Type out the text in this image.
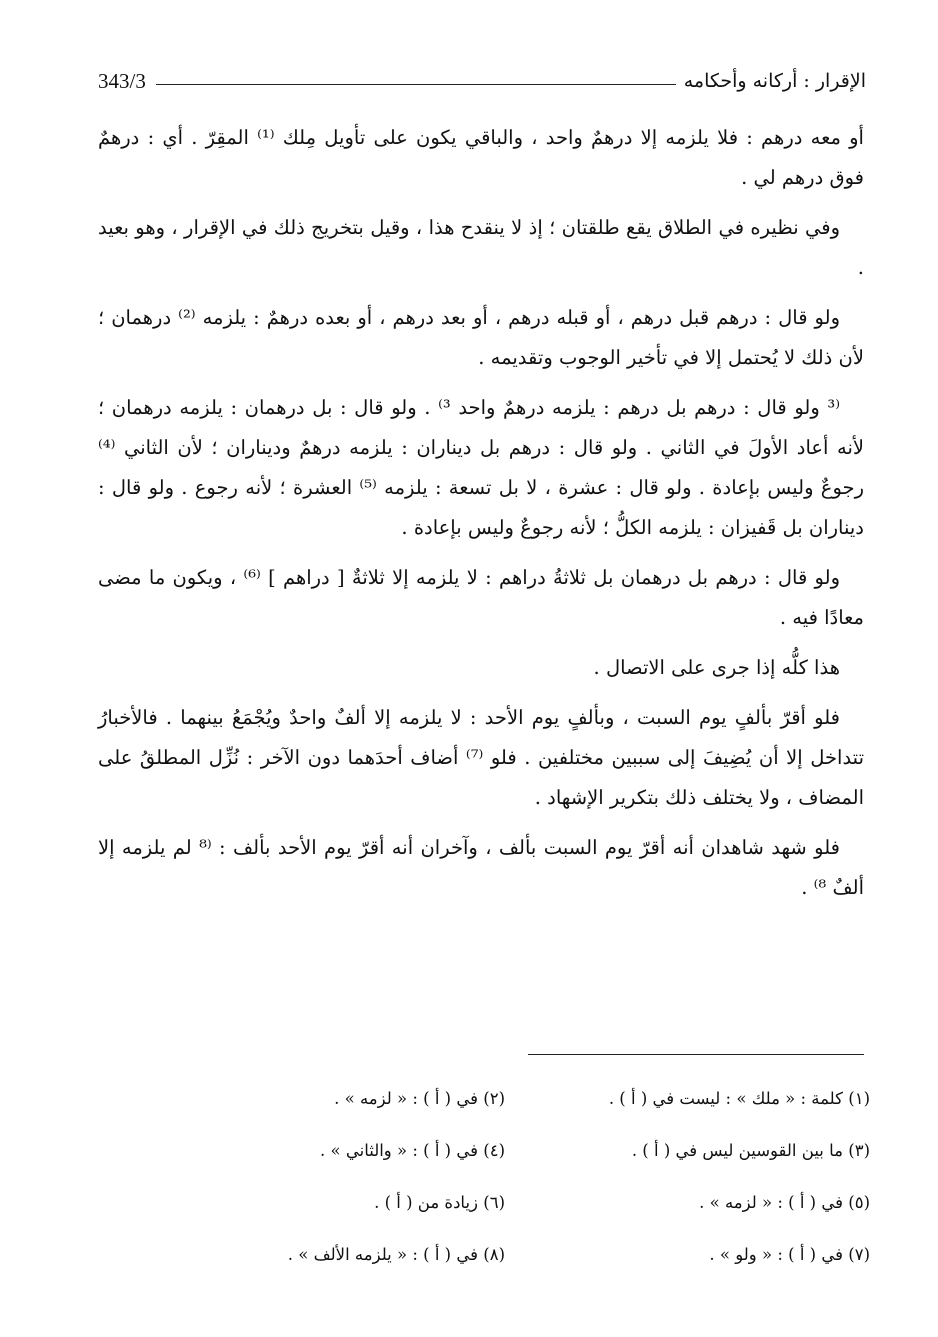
343/3	الإقرار : أركانه وأحكامه

أو معه درهم : فلا يلزمه إلا درهمٌ واحد ، والباقي يكون على تأويل مِلك ⁽¹⁾ المقِرّ . أي : درهمٌ فوق درهم لي .

وفي نظيره في الطلاق يقع طلقتان ؛ إذ لا ينقدح هذا ، وقيل بتخريج ذلك في الإقرار ، وهو بعيد .

ولو قال : درهم قبل درهم ، أو قبله درهم ، أو بعد درهم ، أو بعده درهمٌ : يلزمه ⁽²⁾ درهمان ؛ لأن ذلك لا يُحتمل إلا في تأخير الوجوب وتقديمه .

⁽³ ولو قال : درهم بل درهم : يلزمه درهمٌ واحد ³⁾ . ولو قال : بل درهمان : يلزمه درهمان ؛ لأنه أعاد الأولَ في الثاني . ولو قال : درهم بل ديناران : يلزمه درهمٌ وديناران ؛ لأن الثاني ⁽⁴⁾ رجوعٌ وليس بإعادة . ولو قال : عشرة ، لا بل تسعة : يلزمه ⁽⁵⁾ العشرة ؛ لأنه رجوع . ولو قال : ديناران بل قَفيزان : يلزمه الكلُّ ؛ لأنه رجوعٌ وليس بإعادة .

ولو قال : درهم بل درهمان بل ثلاثةُ دراهم : لا يلزمه إلا ثلاثةٌ [ دراهم ] ⁽⁶⁾ ، ويكون ما مضى معادًا فيه .

هذا كلُّه إذا جرى على الاتصال .

فلو أقرّ بألفٍ يوم السبت ، وبألفٍ يوم الأحد : لا يلزمه إلا ألفٌ واحدٌ ويُجْمَعُ بينهما . فالأخبارُ تتداخل إلا أن يُضِيفَ إلى سببين مختلفين . فلو ⁽⁷⁾ أضاف أحدَهما دون الآخر : نُزِّل المطلقُ على المضاف ، ولا يختلف ذلك بتكرير الإشهاد .

فلو شهد شاهدان أنه أقرّ يوم السبت بألف ، وآخران أنه أقرّ يوم الأحد بألف : ⁽⁸ لم يلزمه إلا ألفٌ ⁸⁾ .

(١) كلمة : « ملك » : ليست في ( أ ) .
(٢) في ( أ ) : « لزمه » .
(٣) ما بين القوسين ليس في ( أ ) .
(٤) في ( أ ) : « والثاني » .
(٥) في ( أ ) : « لزمه » .
(٦) زيادة من ( أ ) .
(٧) في ( أ ) : « ولو » .
(٨) في ( أ ) : « يلزمه الألف » .
